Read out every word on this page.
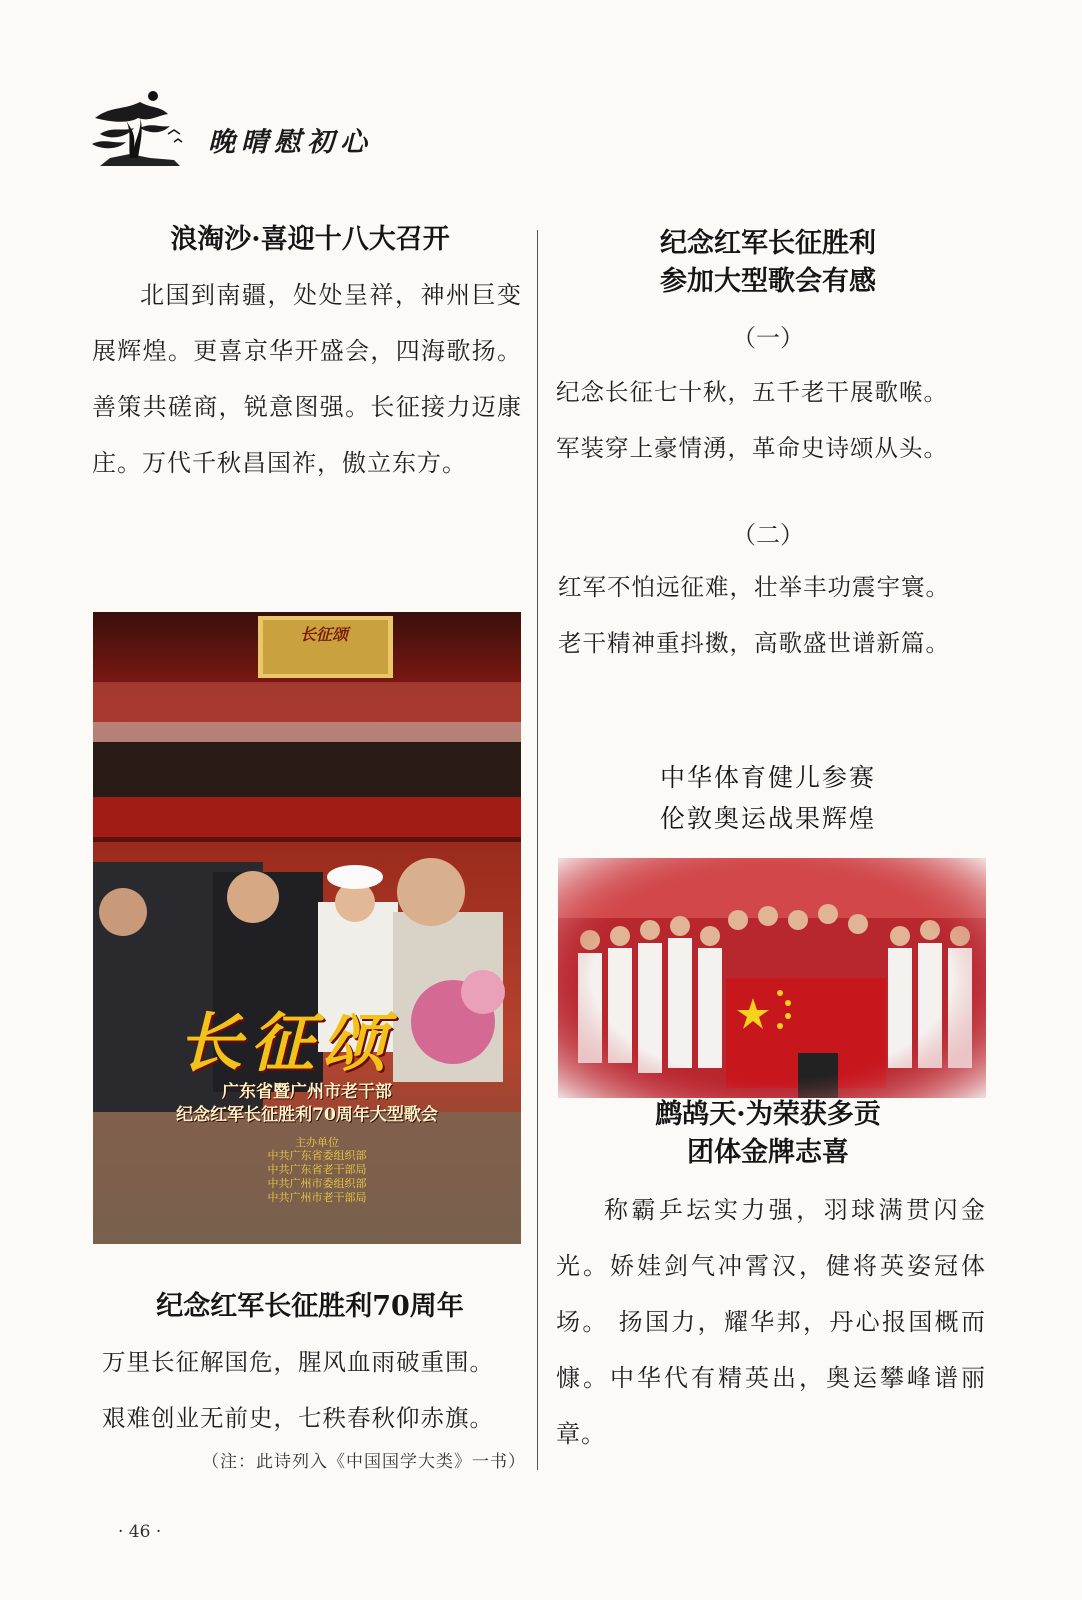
晚晴慰初心
浪淘沙·喜迎十八大召开
北国到南疆，处处呈祥，神州巨变展辉煌。更喜京华开盛会，四海歌扬。 善策共磋商，锐意图强。长征接力迈康庄。万代千秋昌国祚，傲立东方。
长征颂
长征颂
广东省暨广州市老干部
纪念红军长征胜利70周年大型歌会
主办单位
中共广东省委组织部
中共广东省老干部局
中共广州市委组织部
中共广州市老干部局
纪念红军长征胜利70周年
万里长征解国危，腥风血雨破重围。
艰难创业无前史，七秩春秋仰赤旗。
（注：此诗列入《中国国学大类》一书）
纪念红军长征胜利
参加大型歌会有感
（一）
纪念长征七十秋，五千老干展歌喉。
军装穿上豪情湧，革命史诗颂从头。
（二）
红军不怕远征难，壮举丰功震宇寰。
老干精神重抖擞，高歌盛世谱新篇。
中华体育健儿参赛
伦敦奥运战果辉煌
鹧鸪天·为荣获多贡
团体金牌志喜
称霸乒坛实力强，羽球满贯闪金光。娇娃剑气冲霄汉，健将英姿冠体场。 扬国力，耀华邦，丹心报国概而慷。中华代有精英出，奥运攀峰谱丽章。
· 46 ·
